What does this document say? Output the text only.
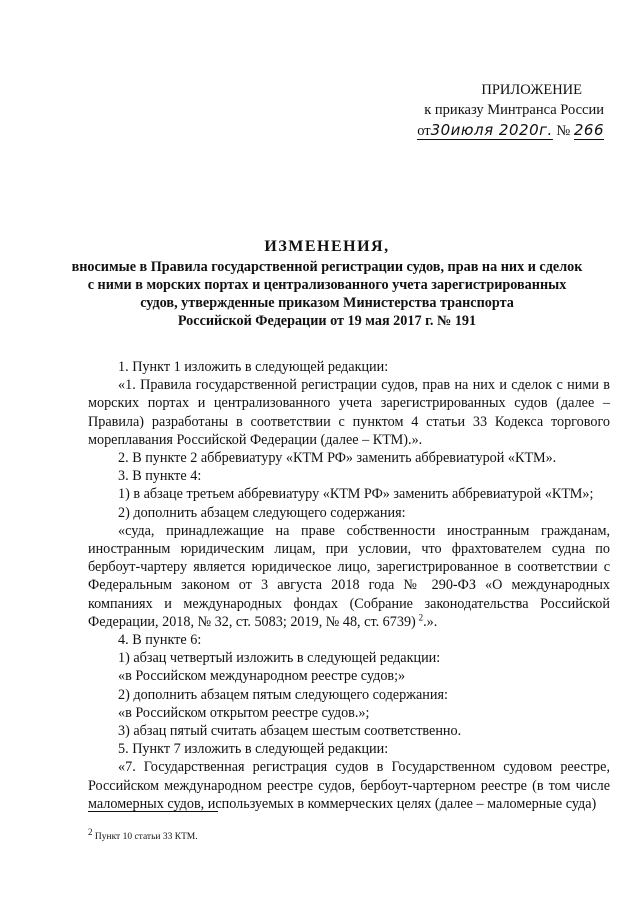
ПРИЛОЖЕНИЕ
к приказу Минтранса России
от30июля 2020г. № 266
ИЗМЕНЕНИЯ,
вносимые в Правила государственной регистрации судов, прав на них и сделок
с ними в морских портах и централизованного учета зарегистрированных
судов, утвержденные приказом Министерства транспорта
Российской Федерации от 19 мая 2017 г. № 191

1. Пункт 1 изложить в следующей редакции:

«1. Правила государственной регистрации судов, прав на них и сделок с ними в морских портах и централизованного учета зарегистрированных судов (далее – Правила) разработаны в соответствии с пунктом 4 статьи 33 Кодекса торгового мореплавания Российской Федерации (далее – КТМ).».

2. В пункте 2 аббревиатуру «КТМ РФ» заменить аббревиатурой «КТМ».

3. В пункте 4:

1) в абзаце третьем аббревиатуру «КТМ РФ» заменить аббревиатурой «КТМ»;

2) дополнить абзацем следующего содержания:

«суда, принадлежащие на праве собственности иностранным гражданам, иностранным юридическим лицам, при условии, что фрахтователем судна по бербоут-чартеру является юридическое лицо, зарегистрированное в соответствии с Федеральным законом от 3 августа 2018 года № 290-ФЗ «О международных компаниях и международных фондах (Собрание законодательства Российской Федерации, 2018, № 32, ст. 5083; 2019, № 48, ст. 6739)  $^2$.».

4. В пункте 6:

1) абзац четвертый изложить в следующей редакции:

«в Российском международном реестре судов;»

2) дополнить абзацем пятым следующего содержания:

«в Российском открытом реестре судов.»;

3) абзац пятый считать абзацем шестым соответственно.

5. Пункт 7 изложить в следующей редакции:

«7. Государственная регистрация судов в Государственном судовом реестре, Российском международном реестре судов, бербоут-чартерном реестре (в том числе маломерных судов, используемых в коммерческих целях (далее – маломерные суда)

2 Пункт 10 статьи 33 КТМ.
